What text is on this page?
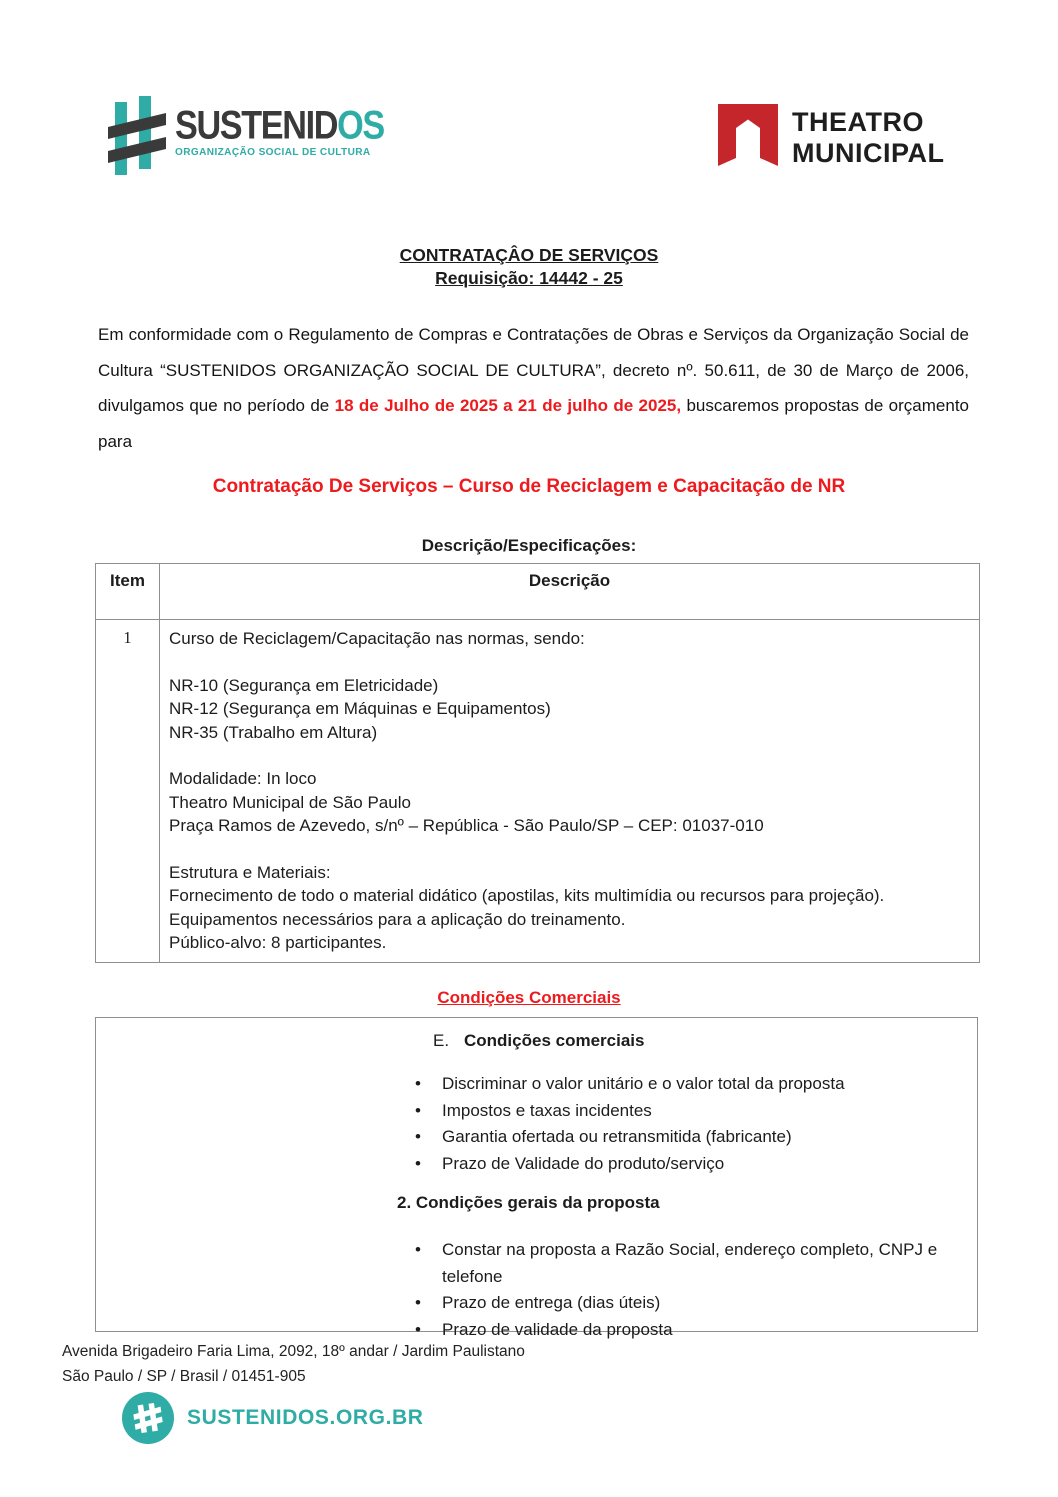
SUSTENIDOS
ORGANIZAÇÃO SOCIAL DE CULTURA
THEATRO
MUNICIPAL
CONTRATAÇÂO DE SERVIÇOS
Requisição: 14442 - 25

Em conformidade com o Regulamento de Compras e Contratações de Obras e Serviços da Organização Social de Cultura “SUSTENIDOS ORGANIZAÇÃO SOCIAL DE CULTURA”, decreto nº. 50.611, de 30 de Março de 2006, divulgamos que no período de 18 de Julho de 2025 a 21 de julho de 2025, buscaremos propostas de orçamento para

Contratação De Serviços – Curso de Reciclagem e Capacitação de NR
Descrição/Especificações:
Item	Descrição
1	Curso de Reciclagem/Capacitação nas normas, sendo:

NR-10 (Segurança em Eletricidade)
NR-12 (Segurança em Máquinas e Equipamentos)
NR-35 (Trabalho em Altura)

Modalidade: In loco
Theatro Municipal de São Paulo
Praça Ramos de Azevedo, s/nº – República - São Paulo/SP – CEP: 01037-010

Estrutura e Materiais:
Fornecimento de todo o material didático (apostilas, kits multimídia ou recursos para projeção).
Equipamentos necessários para a aplicação do treinamento.
Público-alvo: 8 participantes.
Condições Comerciais
E. Condições comerciais
• Discriminar o valor unitário e o valor total da proposta
• Impostos e taxas incidentes
• Garantia ofertada ou retransmitida (fabricante)
• Prazo de Validade do produto/serviço
2. Condições gerais da proposta
• Constar na proposta a Razão Social, endereço completo, CNPJ e telefone
• Prazo de entrega (dias úteis)
• Prazo de validade da proposta
Avenida Brigadeiro Faria Lima, 2092, 18º andar / Jardim Paulistano
São Paulo / SP / Brasil / 01451-905
SUSTENIDOS.ORG.BR
